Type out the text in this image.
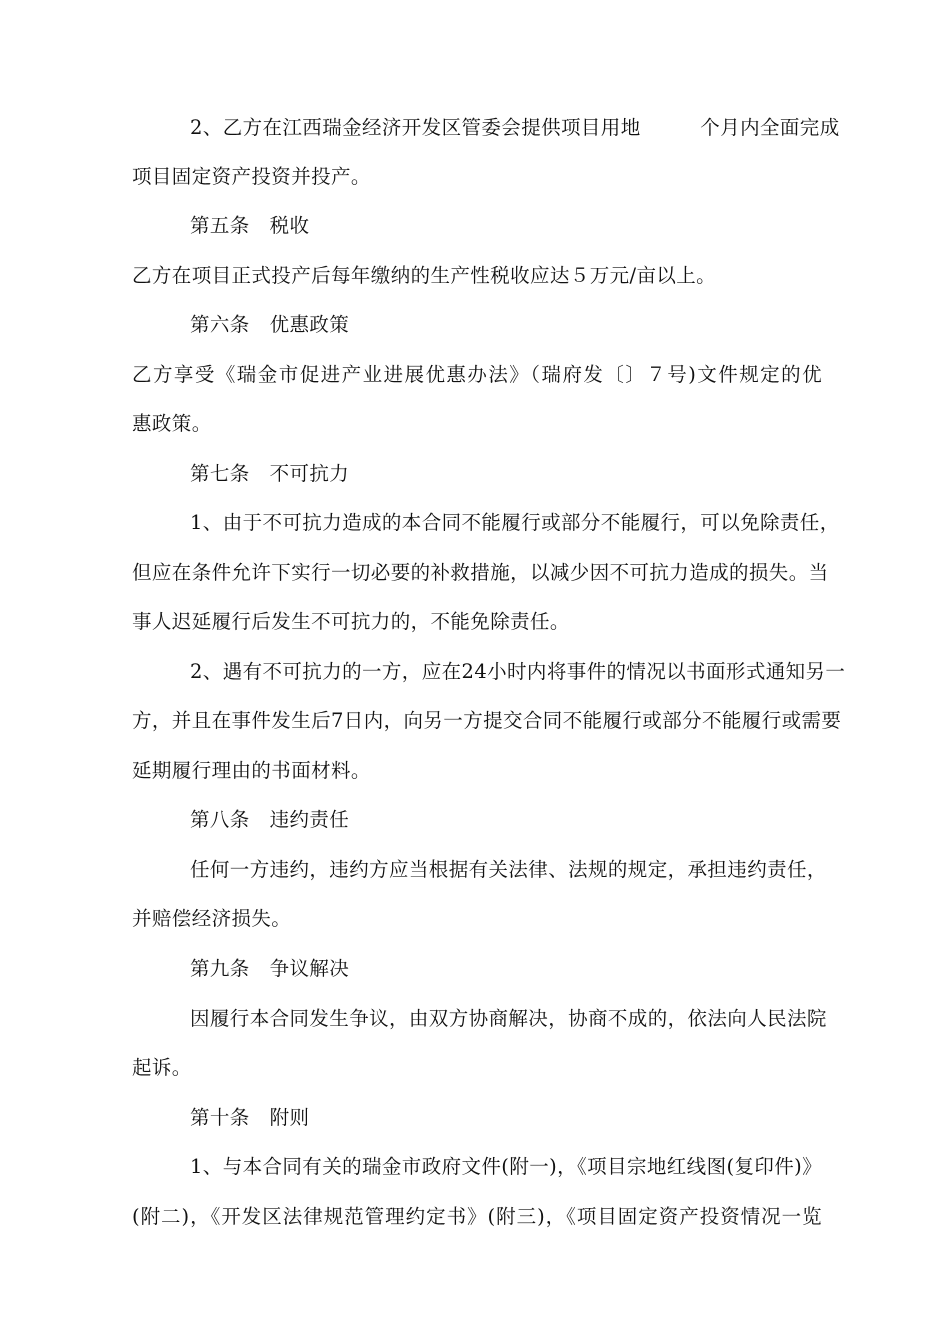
2、乙方在江西瑞金经济开发区管委会提供项目用地　　　个月内全面完成
项目固定资产投资并投产。
第五条　税收
乙方在项目正式投产后每年缴纳的生产性税收应达５万元/亩以上。
第六条　优惠政策
乙方享受《瑞金市促进产业进展优惠办法》（瑞府发〔〕７号)文件规定的优
惠政策。
第七条　不可抗力
1、由于不可抗力造成的本合同不能履行或部分不能履行，可以免除责任，
但应在条件允许下实行一切必要的补救措施，以减少因不可抗力造成的损失。当
事人迟延履行后发生不可抗力的，不能免除责任。
2、遇有不可抗力的一方，应在24小时内将事件的情况以书面形式通知另一
方，并且在事件发生后7日内，向另一方提交合同不能履行或部分不能履行或需要
延期履行理由的书面材料。
第八条　违约责任
任何一方违约，违约方应当根据有关法律、法规的规定，承担违约责任，
并赔偿经济损失。
第九条　争议解决
因履行本合同发生争议，由双方协商解决，协商不成的，依法向人民法院
起诉。
第十条　附则
1、与本合同有关的瑞金市政府文件(附一)，《项目宗地红线图(复印件)》
(附二)，《开发区法律规范管理约定书》(附三)，《项目固定资产投资情况一览
